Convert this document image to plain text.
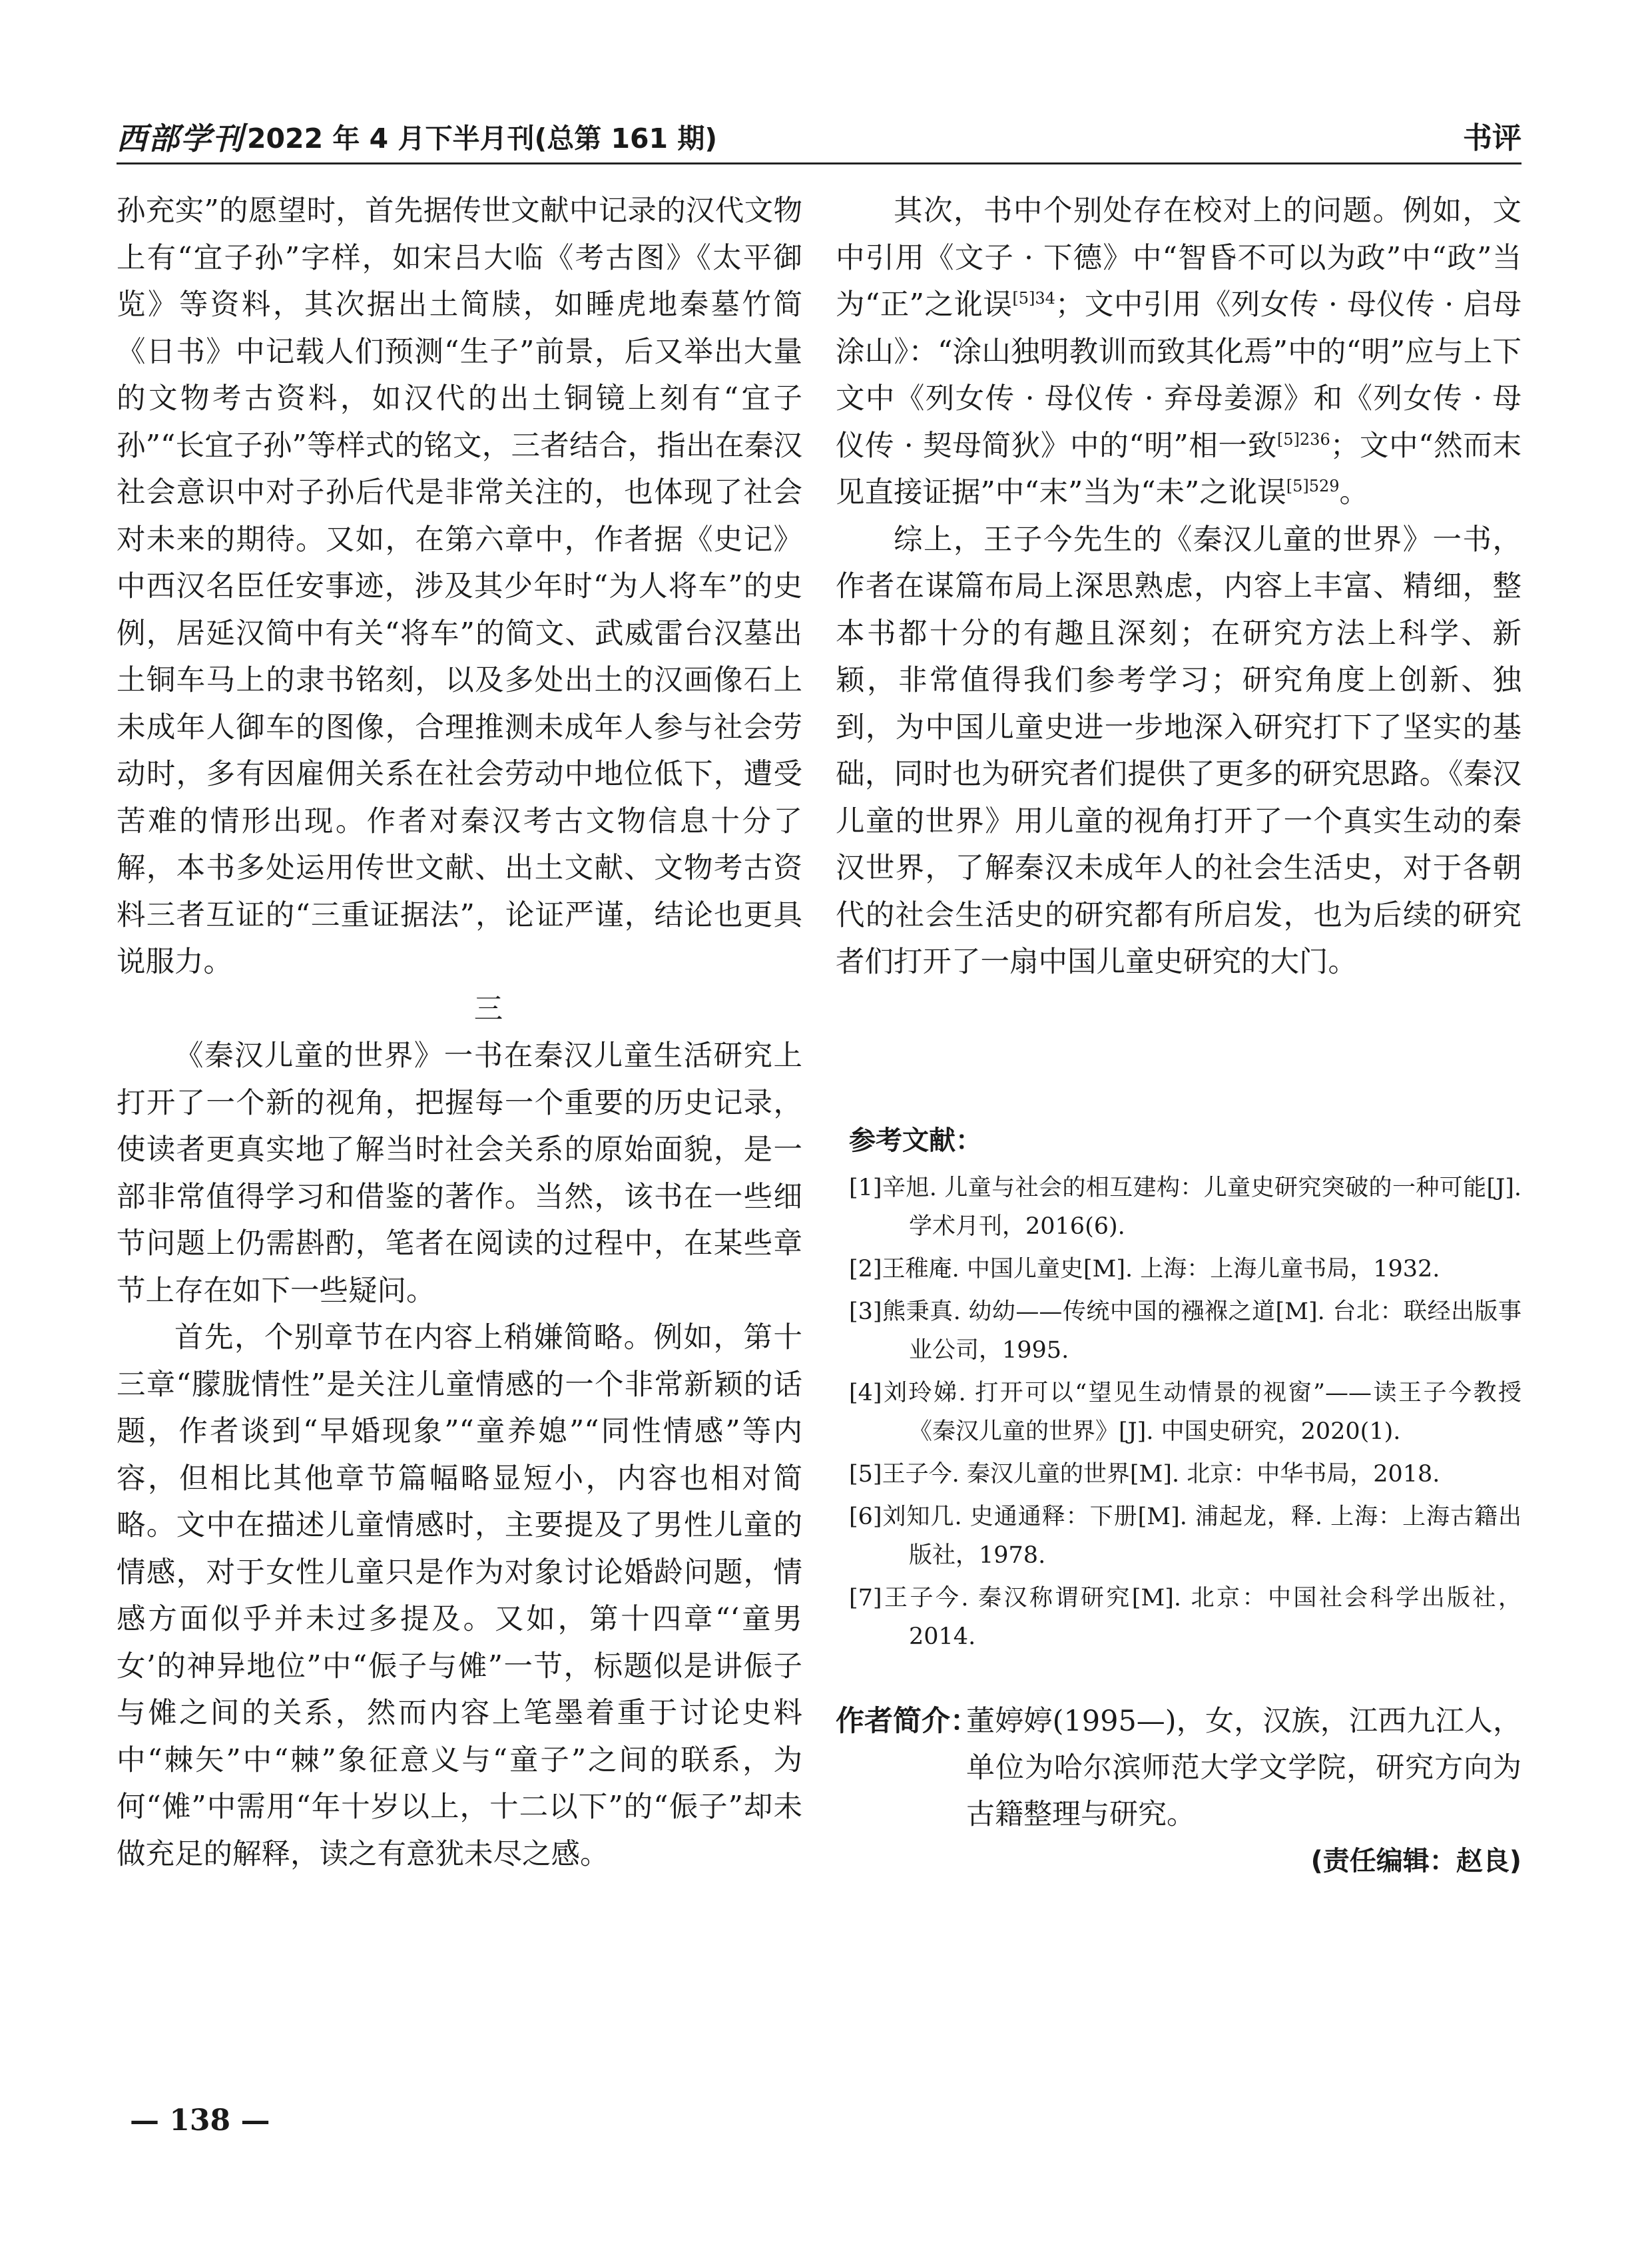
西部学刊 2022 年 4 月下半月刊(总第 161 期)	书评

孙充实”的愿望时，首先据传世文献中记录的汉代文物上有“宜子孙”字样，如宋吕大临《考古图》《太平御览》等资料，其次据出土简牍，如睡虎地秦墓竹简《日书》中记载人们预测“生子”前景，后又举出大量的文物考古资料，如汉代的出土铜镜上刻有“宜子孙”“长宜子孙”等样式的铭文，三者结合，指出在秦汉社会意识中对子孙后代是非常关注的，也体现了社会对未来的期待。又如，在第六章中，作者据《史记》中西汉名臣任安事迹，涉及其少年时“为人将车”的史例，居延汉简中有关“将车”的简文、武威雷台汉墓出土铜车马上的隶书铭刻，以及多处出土的汉画像石上未成年人御车的图像，合理推测未成年人参与社会劳动时，多有因雇佣关系在社会劳动中地位低下，遭受苦难的情形出现。作者对秦汉考古文物信息十分了解，本书多处运用传世文献、出土文献、文物考古资料三者互证的“三重证据法”，论证严谨，结论也更具说服力。

三

《秦汉儿童的世界》一书在秦汉儿童生活研究上打开了一个新的视角，把握每一个重要的历史记录，使读者更真实地了解当时社会关系的原始面貌，是一部非常值得学习和借鉴的著作。当然，该书在一些细节问题上仍需斟酌，笔者在阅读的过程中，在某些章节上存在如下一些疑问。

首先，个别章节在内容上稍嫌简略。例如，第十三章“朦胧情性”是关注儿童情感的一个非常新颖的话题，作者谈到“早婚现象”“童养媳”“同性情感”等内容，但相比其他章节篇幅略显短小，内容也相对简略。文中在描述儿童情感时，主要提及了男性儿童的情感，对于女性儿童只是作为对象讨论婚龄问题，情感方面似乎并未过多提及。又如，第十四章“‘童男女’的神异地位”中“侲子与傩”一节，标题似是讲侲子与傩之间的关系，然而内容上笔墨着重于讨论史料中“棘矢”中“棘”象征意义与“童子”之间的联系，为何“傩”中需用“年十岁以上，十二以下”的“侲子”却未做充足的解释，读之有意犹未尽之感。

其次，书中个别处存在校对上的问题。例如，文中引用《文子 · 下德》中“智昏不可以为政”中“政”当为“正”之讹误$^{[5]34}$；文中引用《列女传 · 母仪传 · 启母涂山》：“涂山独明教训而致其化焉”中的“明”应与上下文中《列女传 · 母仪传 · 弃母姜源》和《列女传 · 母仪传 · 契母简狄》中的“明”相一致$^{[5]236}$；文中“然而末见直接证据”中“末”当为“未”之讹误$^{[5]529}$。

综上，王子今先生的《秦汉儿童的世界》一书，作者在谋篇布局上深思熟虑，内容上丰富、精细，整本书都十分的有趣且深刻；在研究方法上科学、新颖，非常值得我们参考学习；研究角度上创新、独到，为中国儿童史进一步地深入研究打下了坚实的基础，同时也为研究者们提供了更多的研究思路。《秦汉儿童的世界》用儿童的视角打开了一个真实生动的秦汉世界，了解秦汉未成年人的社会生活史，对于各朝代的社会生活史的研究都有所启发，也为后续的研究者们打开了一扇中国儿童史研究的大门。

参考文献：
[1]辛旭. 儿童与社会的相互建构：儿童史研究突破的一种可能[J]. 学术月刊，2016(6).
[2]王稚庵. 中国儿童史[M]. 上海：上海儿童书局，1932.
[3]熊秉真. 幼幼——传统中国的襁褓之道[M]. 台北：联经出版事业公司，1995.
[4]刘玲娣. 打开可以“望见生动情景的视窗”——读王子今教授《秦汉儿童的世界》[J]. 中国史研究，2020(1).
[5]王子今. 秦汉儿童的世界[M]. 北京：中华书局，2018.
[6]刘知几. 史通通释：下册[M]. 浦起龙，释. 上海：上海古籍出版社，1978.
[7]王子今. 秦汉称谓研究[M]. 北京：中国社会科学出版社，2014.
作者简介：
董婷婷(1995—)，女，汉族，江西九江人，单位为哈尔滨师范大学文学院，研究方向为古籍整理与研究。
(责任编辑：赵良)
— 138 —
